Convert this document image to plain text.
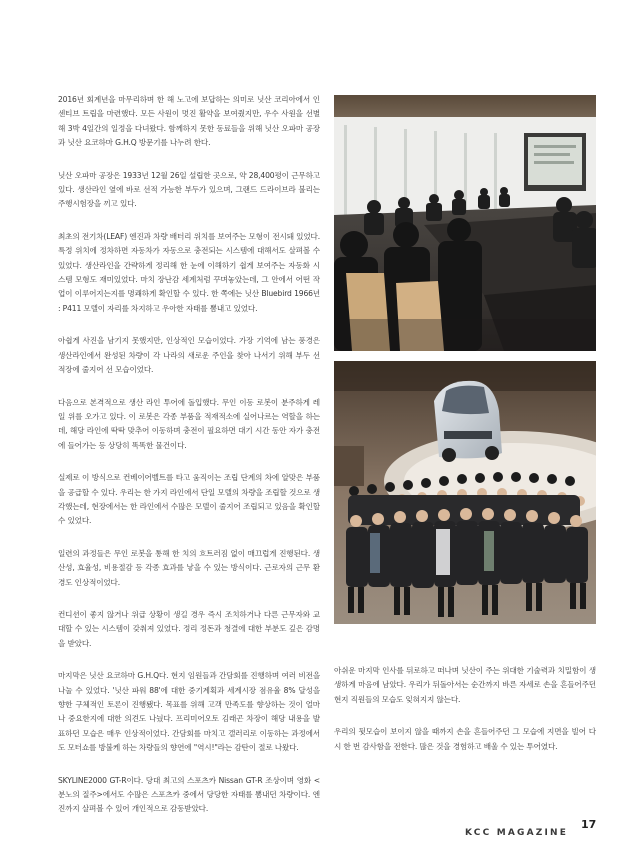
2016년 회계년을 마무리하며 한 해 노고에 보답하는 의미로 닛산 코리아에서 인센티브 트립을 마련했다. 모든 사원이 멋진 활약을 보여줬지만, 우수 사원을 선별해 3박 4일간의 일정을 다녀왔다. 함께하지 못한 동료들을 위해 닛산 오파마 공장과 닛산 요코하마 G.H.Q 방문기를 나누려 한다.

닛산 오파마 공장은 1933년 12월 26일 설립한 곳으로, 약 28,400평이 근무하고 있다. 생산라인 옆에 바로 선적 가능한 부두가 있으며, 그랜드 드라이브라 불리는 주행시험장을 끼고 있다.

최초의 전기차(LEAF) 엔진과 차량 배터리 위치를 보여주는 모형이 전시돼 있었다. 특정 위치에 정차하면 자동차가 자동으로 충전되는 시스템에 대해서도 살펴볼 수 있었다. 생산라인을 간략하게 정리해 한 눈에 이해하기 쉽게 보여주는 자동화 시스템 모형도 재미있었다. 마치 장난감 세계처럼 꾸며놓았는데, 그 안에서 어떤 작업이 이루어지는지를 명쾌하게 확인할 수 있다. 한 쪽에는 닛산 Bluebird 1966년 : P411 모델이 자리를 차지하고 우아한 자태를 뽐내고 있었다.

아쉽게 사진을 남기지 못했지만, 인상적인 모습이었다. 가장 기억에 남는 풍경은 생산라인에서 완성된 차량이 각 나라의 새로운 주인을 찾아 나서기 위해 부두 선적장에 줄지어 선 모습이었다.

다음으로 본격적으로 생산 라인 투어에 돌입했다. 무인 이동 로봇이 분주하게 레일 위를 오가고 있다. 이 로봇은 각종 부품을 적재적소에 실어나르는 역할을 하는데, 해당 라인에 딱딱 맞추어 이동하며 충전이 필요하면 대기 시간 동안 자가 충전에 들어가는 등 상당히 똑똑한 물건이다.

실제로 이 방식으로 컨베이어벨트를 타고 움직이는 조립 단계의 차에 알맞은 부품을 공급할 수 있다. 우리는 한 가지 라인에서 단일 모델의 차량을 조립할 것으로 생각했는데, 현장에서는 한 라인에서 수많은 모델이 줄지어 조립되고 있음을 확인할 수 있었다.

일련의 과정들은 무인 로봇을 통해 한 치의 흐트러짐 없이 매끄럽게 진행된다. 생산성, 효율성, 비용절감 등 각종 효과를 낳을 수 있는 방식이다. 근로자의 근무 환경도 인상적이었다.

컨디션이 좋지 않거나 위급 상황이 생길 경우 즉시 조치하거나 다른 근무자와 교대할 수 있는 시스템이 갖춰져 있었다. 정리 정돈과 청결에 대한 부분도 깊은 감명을 받았다.

마지막은 닛산 요코하마 G.H.Q다. 현지 임원들과 간담회를 진행하며 여러 비전을 나눌 수 있었다. '닛산 파워 88'에 대한 중기계획과 세계시장 점유율 8% 달성을 향한 구체적인 토론이 진행됐다. 목표를 위해 고객 만족도를 향상하는 것이 얼마나 중요한지에 대한 의견도 나눴다. 프리미어오토 김래곤 차장이 해당 내용을 발표하던 모습은 매우 인상적이었다. 간담회를 마치고 갤러리로 이동하는 과정에서도 모터쇼를 방불케 하는 차량들의 향연에 "역시!"라는 감탄이 절로 나왔다.

SKYLINE2000 GT-R이다. 당대 최고의 스포츠카 Nissan GT-R 조상이며 영화 <분노의 질주>에서도 수많은 스포츠카 중에서 당당한 자태를 뽐내던 차량이다. 엔진까지 살펴볼 수 있어 개인적으로 감동받았다.

아쉬운 마지막 인사를 뒤로하고 떠나며 닛산이 주는 위대한 기술력과 치밀함이 생생하게 마음에 남았다. 우리가 뒤돌아서는 순간까지 바른 자세로 손을 흔들어주던 현지 직원들의 모습도 잊혀지지 않는다.

우리의 뒷모습이 보이지 않을 때까지 손을 흔들어주던 그 모습에 지면을 빌어 다시 한 번 감사함을 전한다. 많은 것을 경험하고 배울 수 있는 투어였다.

KCC MAGAZINE
17
